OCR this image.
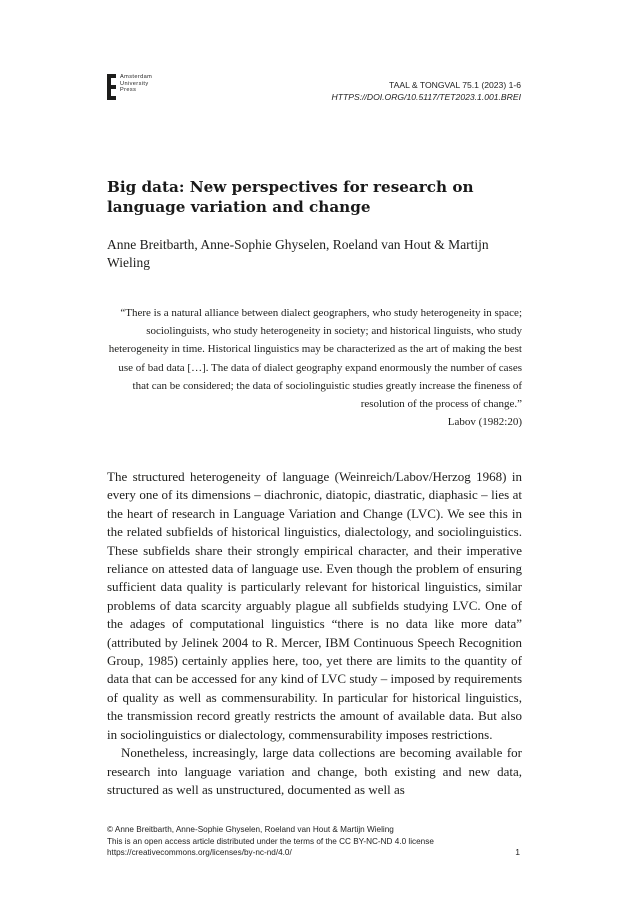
Amsterdam
University
Press
TAAL & TONGVAL 75.1 (2023) 1-6
HTTPS://DOI.ORG/10.5117/TET2023.1.001.BREI
Big data: New perspectives for research on language variation and change
Anne Breitbarth, Anne-Sophie Ghyselen, Roeland van Hout & Martijn Wieling

“There is a natural alliance between dialect geographers, who study heterogeneity in space; sociolinguists, who study heterogeneity in society; and historical linguists, who study heterogeneity in time. Historical linguistics may be characterized as the art of making the best use of bad data […]. The data of dialect geography expand enormously the number of cases that can be considered; the data of sociolinguistic studies greatly increase the fineness of resolution of the process of change.”

Labov (1982:20)

The structured heterogeneity of language (Weinreich/Labov/Herzog 1968) in every one of its dimensions – diachronic, diatopic, diastratic, diaphasic – lies at the heart of research in Language Variation and Change (LVC). We see this in the related subfields of historical linguistics, dialectology, and sociolinguistics. These subfields share their strongly empirical character, and their imperative reliance on attested data of language use. Even though the problem of ensuring sufficient data quality is particularly relevant for historical linguistics, similar problems of data scarcity arguably plague all subfields studying LVC. One of the adages of computational linguistics “there is no data like more data” (attributed by Jelinek 2004 to R. Mercer, IBM Continuous Speech Recognition Group, 1985) certainly applies here, too, yet there are limits to the quantity of data that can be accessed for any kind of LVC study – imposed by requirements of quality as well as commensurability. In particular for historical linguistics, the transmission record greatly restricts the amount of available data. But also in sociolinguistics or dialectology, commensurability imposes restrictions.

Nonetheless, increasingly, large data collections are becoming available for research into language variation and change, both existing and new data, structured as well as unstructured, documented as well as

© Anne Breitbarth, Anne-Sophie Ghyselen, Roeland van Hout & Martijn Wieling
This is an open access article distributed under the terms of the CC BY-NC-ND 4.0 license
https://creativecommons.org/licenses/by-nc-nd/4.0/	1
